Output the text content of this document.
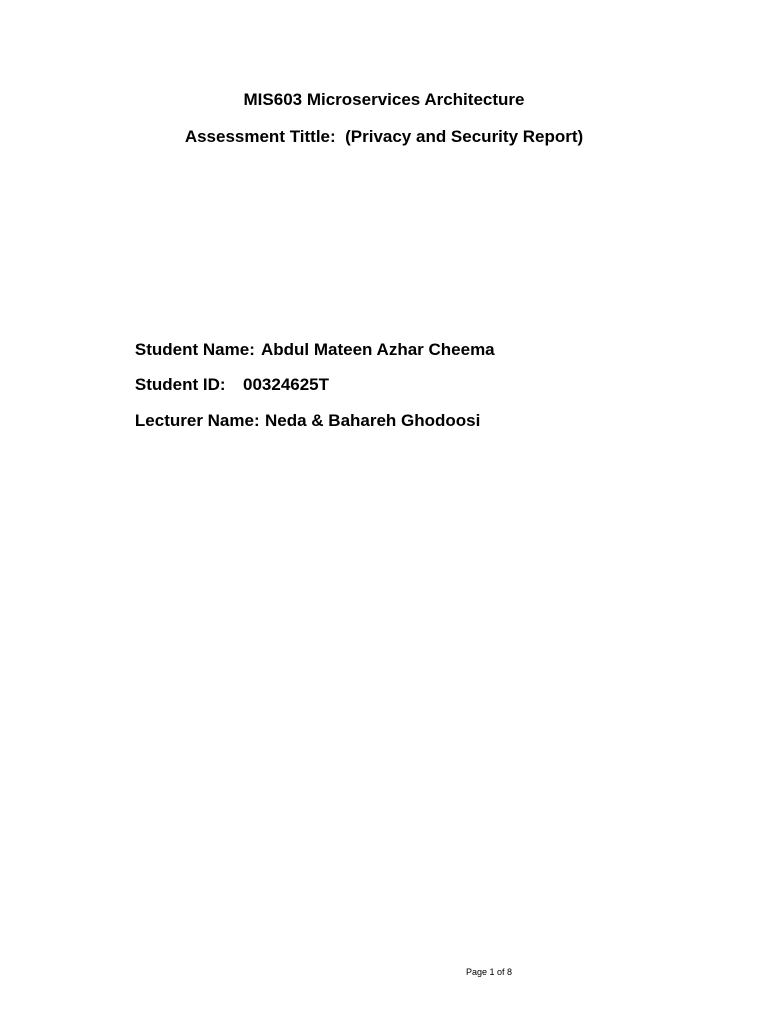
MIS603 Microservices Architecture
Assessment Tittle:  (Privacy and Security Report)

Student Name:

Abdul Mateen Azhar Cheema

Student ID:

00324625T

Lecturer Name:

Neda & Bahareh Ghodoosi

Page 1 of 8
